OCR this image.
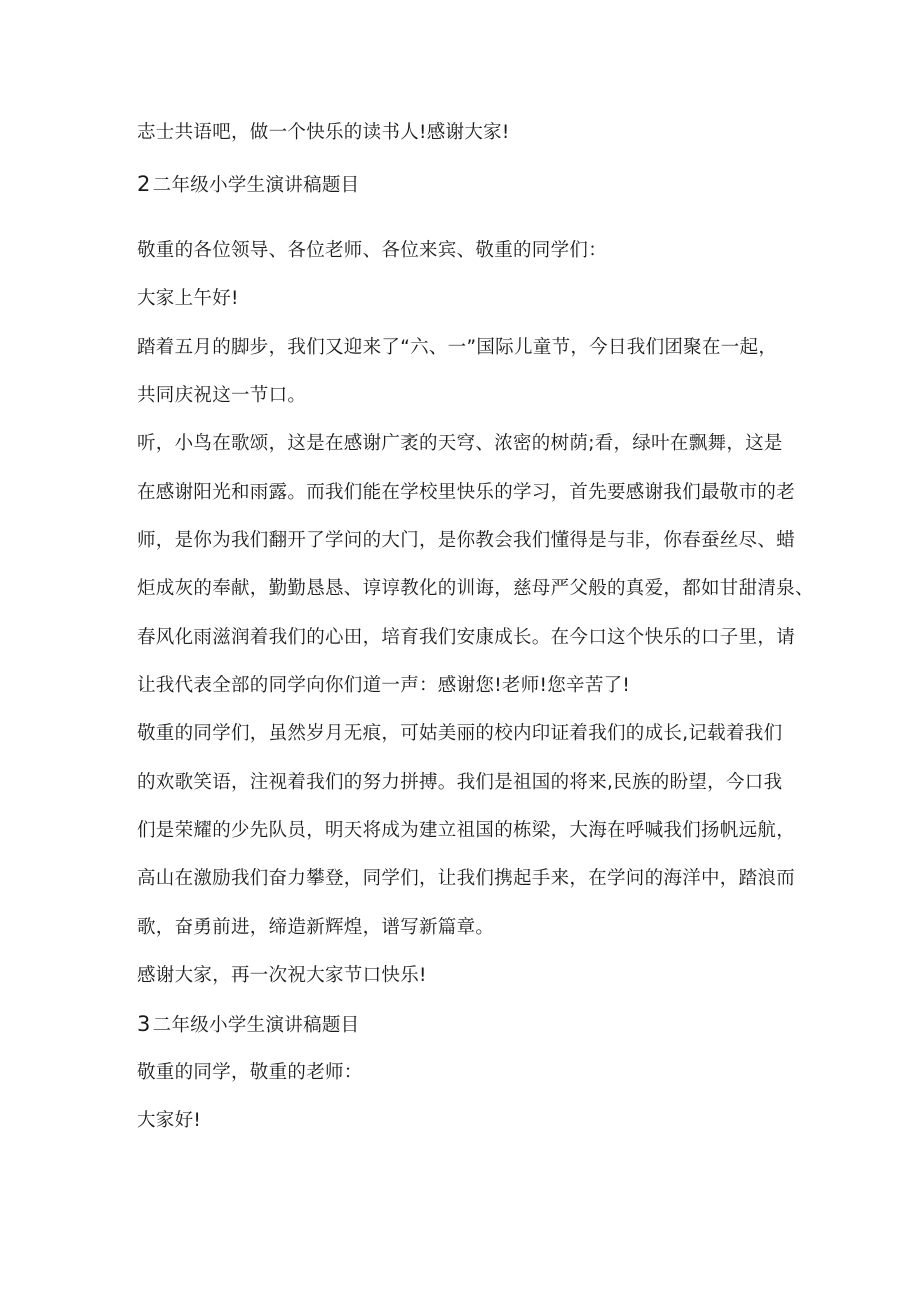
志士共语吧，做一个快乐的读书人!感谢大家!
2 二年级小学生演讲稿题目
敬重的各位领导、各位老师、各位来宾、敬重的同学们：
大家上午好!
踏着五月的脚步，我们又迎来了“六、一”国际儿童节，今日我们团聚在一起，
共同庆祝这一节口。
听，小鸟在歌颂，这是在感谢广袤的天穹、浓密的树荫;看，绿叶在飘舞，这是
在感谢阳光和雨露。而我们能在学校里快乐的学习，首先要感谢我们最敬市的老
师，是你为我们翻开了学问的大门，是你教会我们懂得是与非，你春蚕丝尽、蜡
炬成灰的奉献，勤勤恳恳、谆谆教化的训诲，慈母严父般的真爱，都如甘甜清泉、
春风化雨滋润着我们的心田，培育我们安康成长。在今口这个快乐的口子里，请
让我代表全部的同学向你们道一声：感谢您!老师!您辛苦了!
敬重的同学们，虽然岁月无痕，可姑美丽的校内印证着我们的成长,记载着我们
的欢歌笑语，注视着我们的努力拼搏。我们是祖国的将来,民族的盼望，今口我
们是荣耀的少先队员，明天将成为建立祖国的栋梁，大海在呼喊我们扬帆远航，
高山在激励我们奋力攀登，同学们，让我们携起手来，在学问的海洋中，踏浪而
歌，奋勇前进，缔造新辉煌，谱写新篇章。
感谢大家，再一次祝大家节口快乐!
3 二年级小学生演讲稿题目
敬重的同学，敬重的老师：
大家好!
